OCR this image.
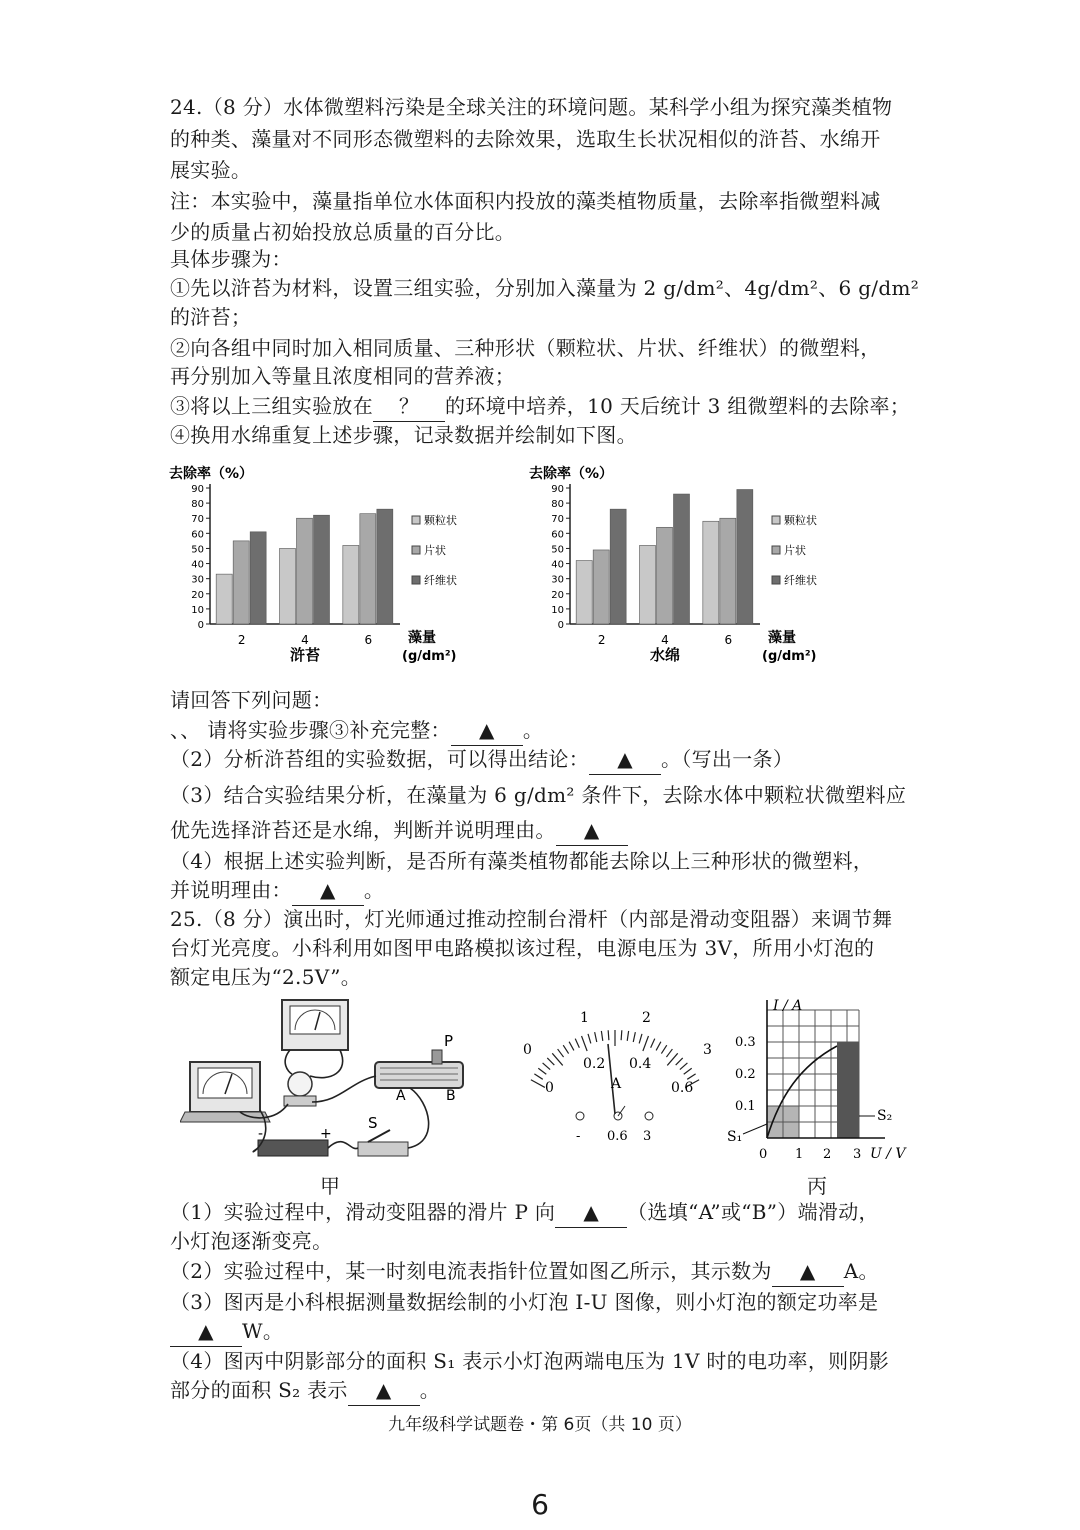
24.（8 分）水体微塑料污染是全球关注的环境问题。某科学小组为探究藻类植物
的种类、藻量对不同形态微塑料的去除效果，选取生长状况相似的浒苔、水绵开
展实验。
注：本实验中，藻量指单位水体面积内投放的藻类植物质量，去除率指微塑料减
少的质量占初始投放总质量的百分比。
具体步骤为：
①先以浒苔为材料，设置三组实验，分别加入藻量为 2 g/dm²、4g/dm²、6 g/dm²
的浒苔；
②向各组中同时加入相同质量、三种形状（颗粒状、片状、纤维状）的微塑料，
再分别加入等量且浓度相同的营养液；
③将以上三组实验放在 ？ 的环境中培养，10 天后统计 3 组微塑料的去除率；
④换用水绵重复上述步骤，记录数据并绘制如下图。
去除率（%）
0
10
20
30
40
50
60
70
80
90
2	4	6
浒苔
藻量
(g/dm²)
颗粒状
片状
纤维状
去除率（%）
0
10
20
30
40
50
60
70
80
90
2	4	6
水绵
藻量
(g/dm²)
颗粒状
片状
纤维状
请回答下列问题：
、、 请将实验步骤③补充完整： ▲ 。
（2）分析浒苔组的实验数据，可以得出结论： ▲ 。（写出一条）
（3）结合实验结果分析，在藻量为 6 g/dm² 条件下，去除水体中颗粒状微塑料应
优先选择浒苔还是水绵，判断并说明理由。 ▲
（4）根据上述实验判断，是否所有藻类植物都能去除以上三种形状的微塑料，
并说明理由： ▲ 。
25.（8 分）演出时，灯光师通过推动控制台滑杆（内部是滑动变阻器）来调节舞
台灯光亮度。小科利用如图甲电路模拟该过程，电源电压为 3V，所用小灯泡的
额定电压为“2.5V”。
P
A	B
-	+
S
甲
0
1	2
3
0
0.2 0.4
0.6
A
- 0.6 3
I / A
0.1
0.2
0.3
0 1 2 3 U / V
S₂
S₁
丙
（1）实验过程中，滑动变阻器的滑片 P 向 ▲ （选填“A”或“B”）端滑动，
小灯泡逐渐变亮。
（2）实验过程中，某一时刻电流表指针位置如图乙所示，其示数为 ▲ A。
（3）图丙是小科根据测量数据绘制的小灯泡 I-U 图像，则小灯泡的额定功率是
▲ W。
（4）图丙中阴影部分的面积 S₁ 表示小灯泡两端电压为 1V 时的电功率，则阴影
部分的面积 S₂ 表示 ▲ 。
九年级科学试题卷・第 6页（共 10 页）
6
